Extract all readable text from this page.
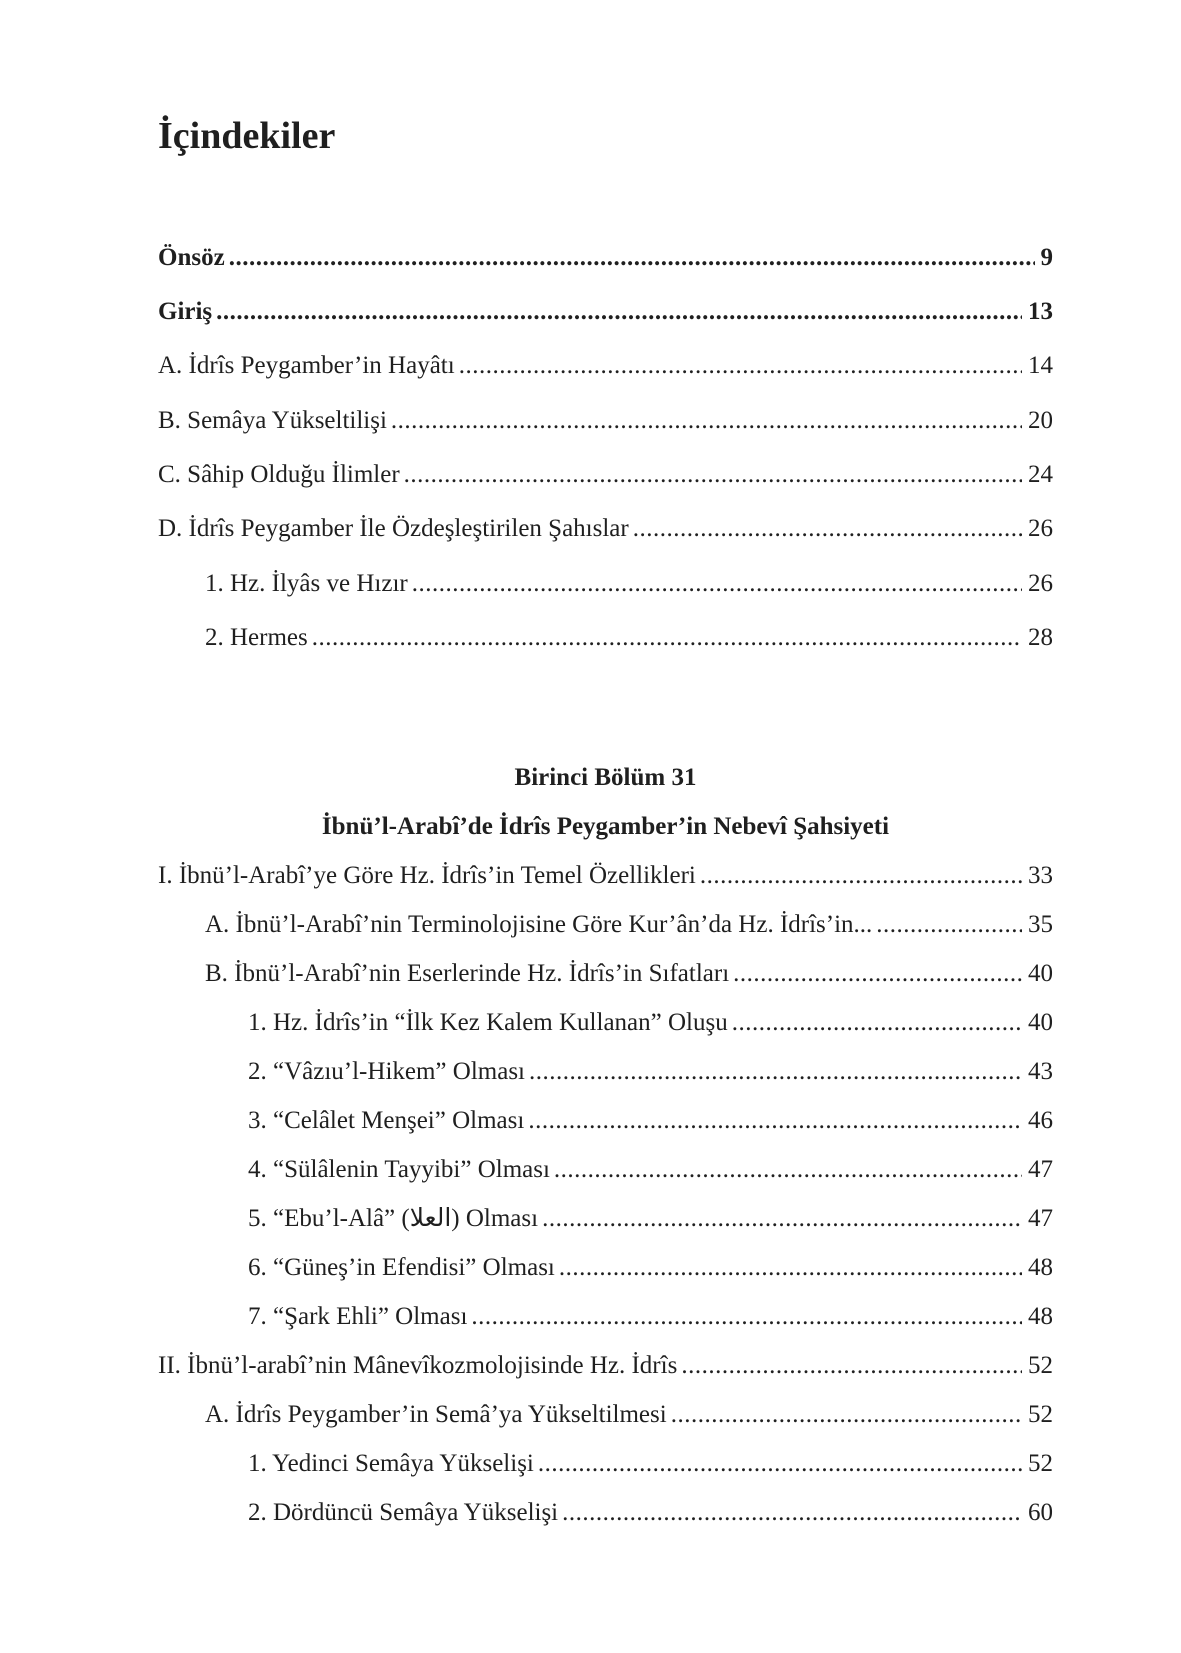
İçindekiler
Önsöz .....	9
Giriş .....	13
A. İdrîs Peygamber’in Hayâtı .....	14
B. Semâya Yükseltilişi .....	20
C. Sâhip Olduğu İlimler .....	24
D. İdrîs Peygamber İle Özdeşleştirilen Şahıslar .....	26
1. Hz. İlyâs ve Hızır .....	26
2. Hermes .....	28
Birinci Bölüm 31
İbnü’l-Arabî’de İdrîs Peygamber’in Nebevî Şahsiyeti
I. İbnü’l-Arabî’ye Göre Hz. İdrîs’in Temel Özellikleri .....	33
A. İbnü’l-Arabî’nin Terminolojisine Göre Kur’ân’da Hz. İdrîs’in... .....	35
B. İbnü’l-Arabî’nin Eserlerinde Hz. İdrîs’in Sıfatları .....	40
1. Hz. İdrîs’in “İlk Kez Kalem Kullanan” Oluşu .....	40
2. “Vâzıu’l-Hikem” Olması .....	43
3. “Celâlet Menşei” Olması .....	46
4. “Sülâlenin Tayyibi” Olması .....	47
5. “Ebu’l-Alâ” (العلا) Olması .....	47
6. “Güneş’in Efendisi” Olması .....	48
7. “Şark Ehli” Olması .....	48
II. İbnü’l-arabî’nin Mânevîkozmolojisinde Hz. İdrîs .....	52
A. İdrîs Peygamber’in Semâ’ya Yükseltilmesi .....	52
1. Yedinci Semâya Yükselişi .....	52
2. Dördüncü Semâya Yükselişi .....	60
